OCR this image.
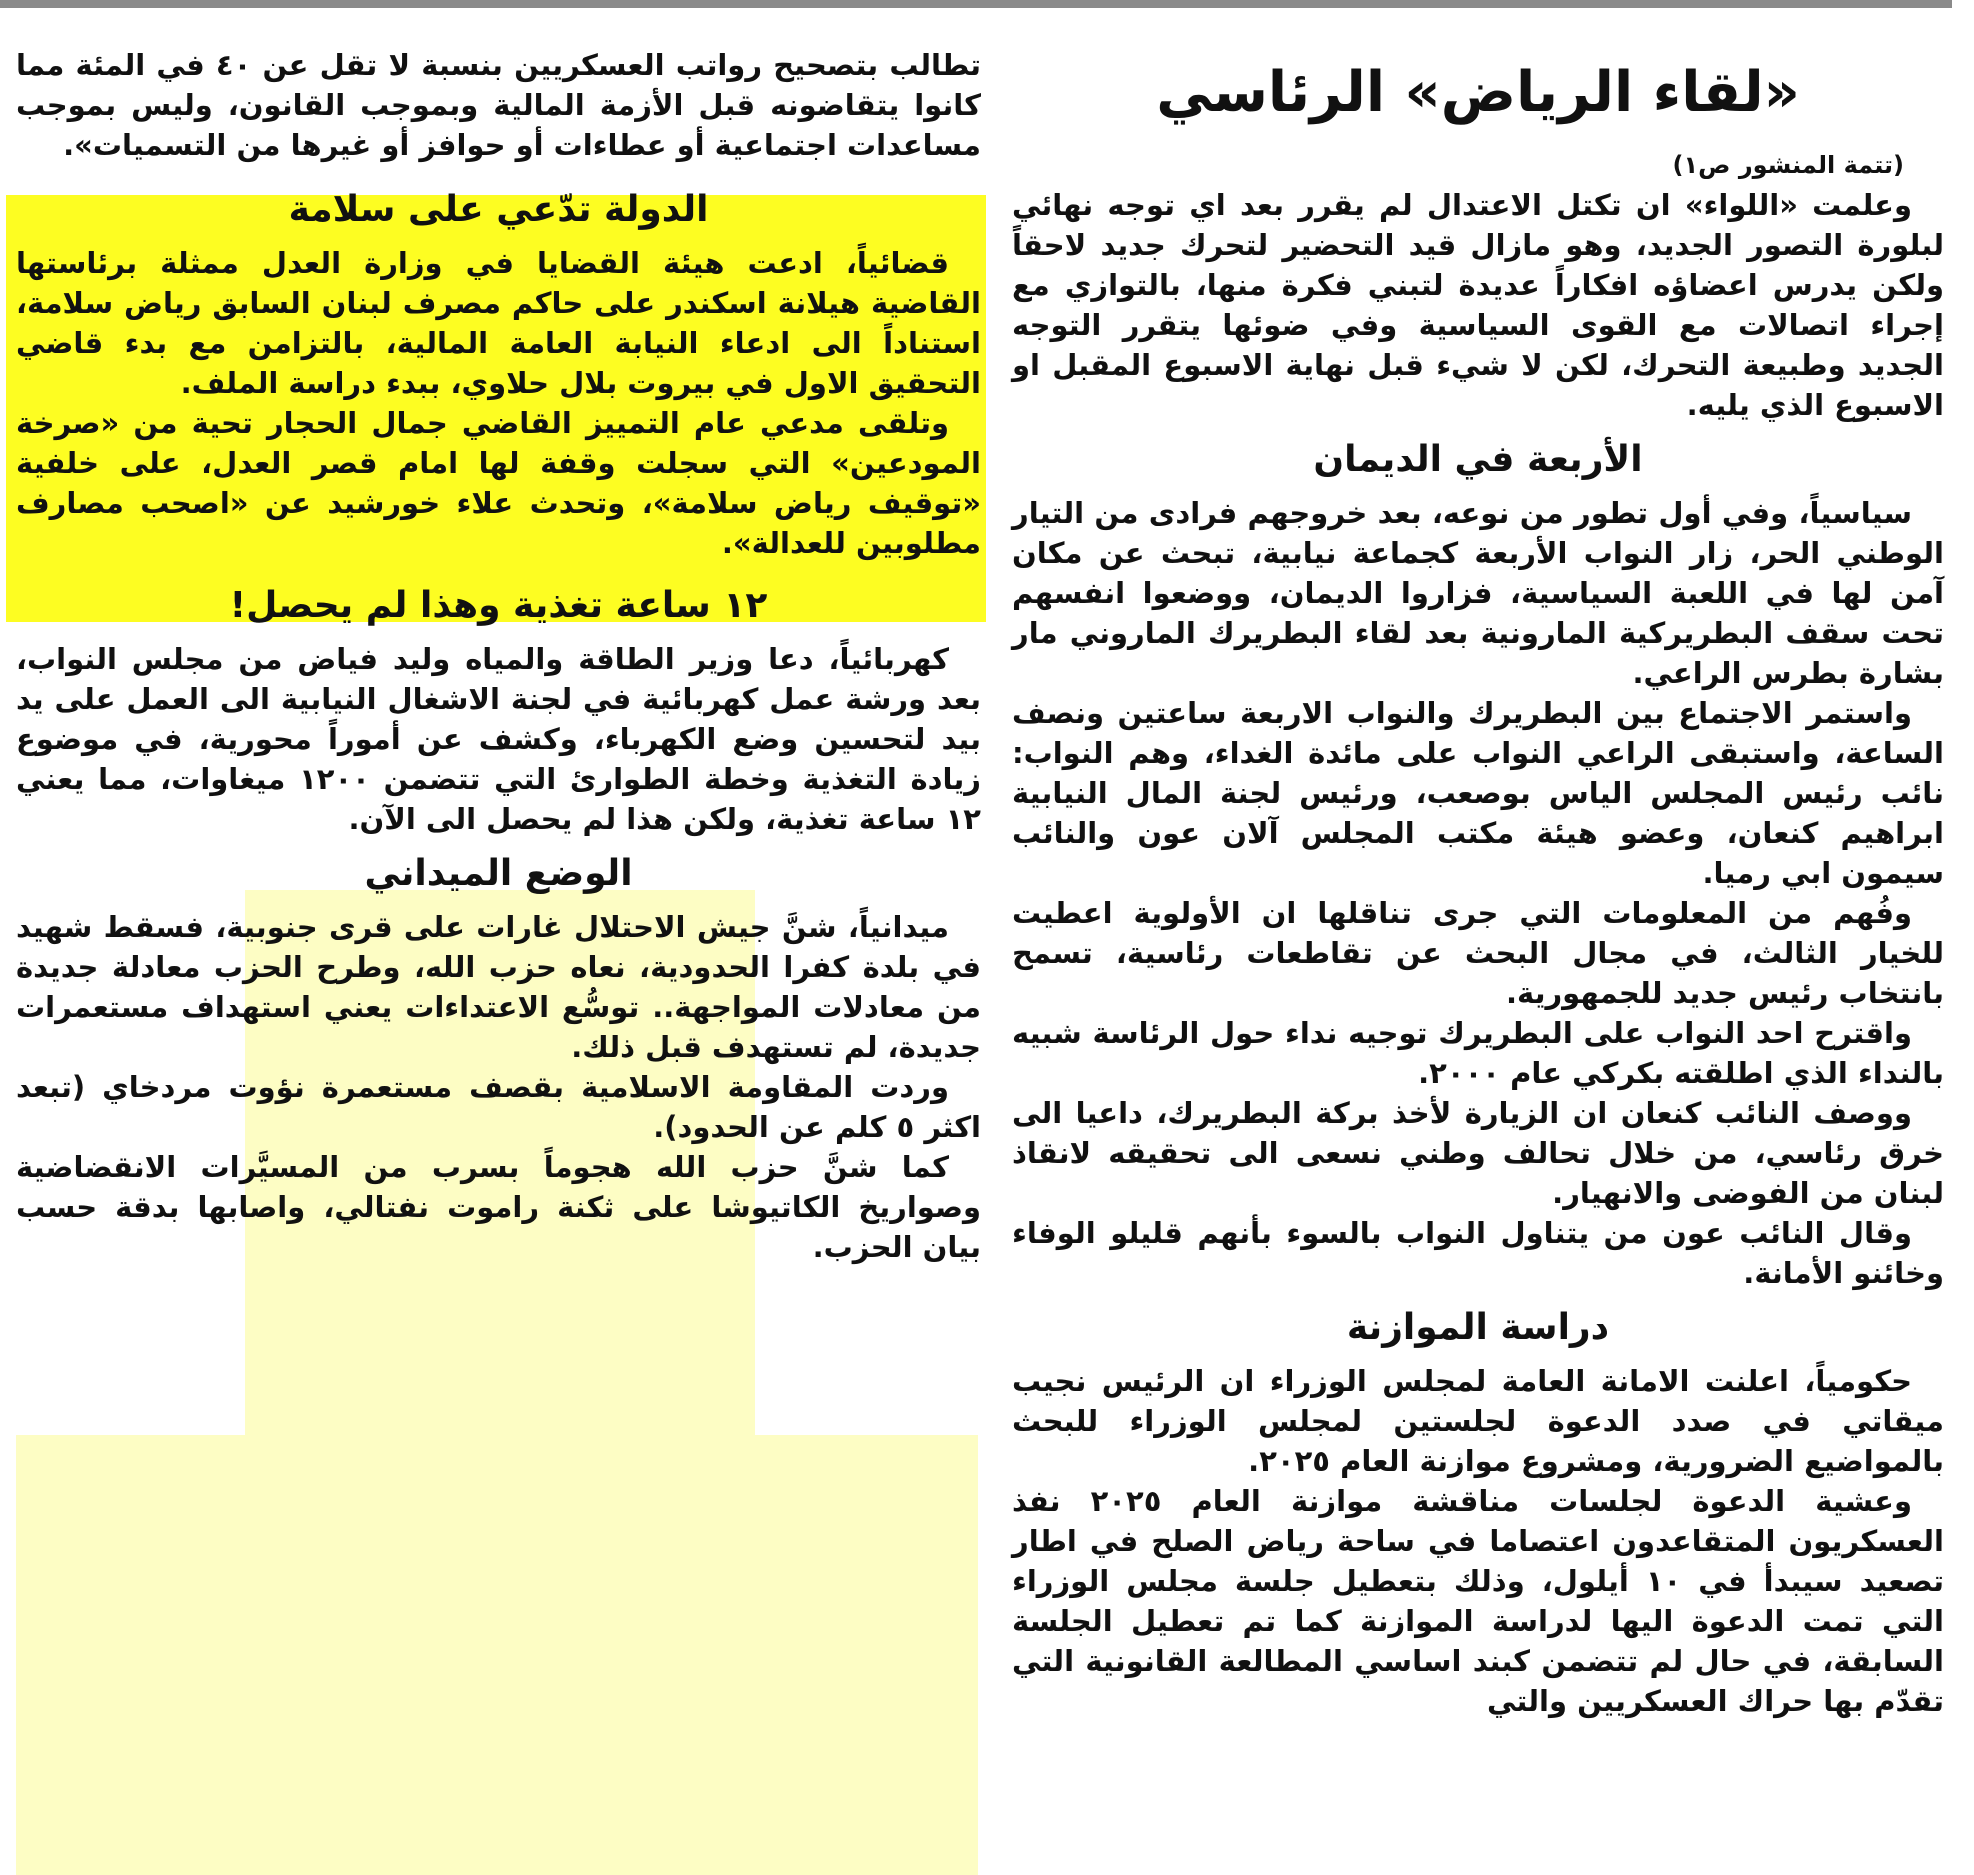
تطالب بتصحيح رواتب العسكريين بنسبة لا تقل عن ٤٠ في المئة مما كانوا يتقاضونه قبل الأزمة المالية وبموجب القانون، وليس بموجب مساعدات اجتماعية أو عطاءات أو حوافز أو غيرها من التسميات».

الدولة تدّعي على سلامة

قضائياً، ادعت هيئة القضايا في وزارة العدل ممثلة برئاستها القاضية هيلانة اسكندر على حاكم مصرف لبنان السابق رياض سلامة، استناداً الى ادعاء النيابة العامة المالية، بالتزامن مع بدء قاضي التحقيق الاول في بيروت بلال حلاوي، ببدء دراسة الملف.

وتلقى مدعي عام التمييز القاضي جمال الحجار تحية من «صرخة المودعين» التي سجلت وقفة لها امام قصر العدل، على خلفية «توقيف رياض سلامة»، وتحدث علاء خورشيد عن «اصحب مصارف مطلوبين للعدالة».

١٢ ساعة تغذية وهذا لم يحصل!

كهربائياً، دعا وزير الطاقة والمياه وليد فياض من مجلس النواب، بعد ورشة عمل كهربائية في لجنة الاشغال النيابية الى العمل على يد بيد لتحسين وضع الكهرباء، وكشف عن أموراً محورية، في موضوع زيادة التغذية وخطة الطوارئ التي تتضمن ١٢٠٠ ميغاوات، مما يعني ١٢ ساعة تغذية، ولكن هذا لم يحصل الى الآن.

الوضع الميداني

ميدانياً، شنَّ جيش الاحتلال غارات على قرى جنوبية، فسقط شهيد في بلدة كفرا الحدودية، نعاه حزب الله، وطرح الحزب معادلة جديدة من معادلات المواجهة.. توسُّع الاعتداءات يعني استهداف مستعمرات جديدة، لم تستهدف قبل ذلك.

وردت المقاومة الاسلامية بقصف مستعمرة نؤوت مردخاي (تبعد اكثر ٥ كلم عن الحدود).

كما شنَّ حزب الله هجوماً بسرب من المسيَّرات الانقضاضية وصواريخ الكاتيوشا على ثكنة راموت نفتالي، واصابها بدقة حسب بيان الحزب.

«لقاء الرياض» الرئاسي
(تتمة المنشور ص١)

وعلمت «اللواء» ان تكتل الاعتدال لم يقرر بعد اي توجه نهائي لبلورة التصور الجديد، وهو مازال قيد التحضير لتحرك جديد لاحقاً ولكن يدرس اعضاؤه افكاراً عديدة لتبني فكرة منها، بالتوازي مع إجراء اتصالات مع القوى السياسية وفي ضوئها يتقرر التوجه الجديد وطبيعة التحرك، لكن لا شيء قبل نهاية الاسبوع المقبل او الاسبوع الذي يليه.

الأربعة في الديمان

سياسياً، وفي أول تطور من نوعه، بعد خروجهم فرادى من التيار الوطني الحر، زار النواب الأربعة كجماعة نيابية، تبحث عن مكان آمن لها في اللعبة السياسية، فزاروا الديمان، ووضعوا انفسهم تحت سقف البطريركية المارونية بعد لقاء البطريرك الماروني مار بشارة بطرس الراعي.

واستمر الاجتماع بين البطريرك والنواب الاربعة ساعتين ونصف الساعة، واستبقى الراعي النواب على مائدة الغداء، وهم النواب: نائب رئيس المجلس الياس بوصعب، ورئيس لجنة المال النيابية ابراهيم كنعان، وعضو هيئة مكتب المجلس آلان عون والنائب سيمون ابي رميا.

وفُهم من المعلومات التي جرى تناقلها ان الأولوية اعطيت للخيار الثالث، في مجال البحث عن تقاطعات رئاسية، تسمح بانتخاب رئيس جديد للجمهورية.

واقترح احد النواب على البطريرك توجيه نداء حول الرئاسة شبيه بالنداء الذي اطلقته بكركي عام ٢٠٠٠.

ووصف النائب كنعان ان الزيارة لأخذ بركة البطريرك، داعيا الى خرق رئاسي، من خلال تحالف وطني نسعى الى تحقيقه لانقاذ لبنان من الفوضى والانهيار.

وقال النائب عون من يتناول النواب بالسوء بأنهم قليلو الوفاء وخائنو الأمانة.

دراسة الموازنة

حكومياً، اعلنت الامانة العامة لمجلس الوزراء ان الرئيس نجيب ميقاتي في صدد الدعوة لجلستين لمجلس الوزراء للبحث بالمواضيع الضرورية، ومشروع موازنة العام ٢٠٢٥.

وعشية الدعوة لجلسات مناقشة موازنة العام ٢٠٢٥ نفذ العسكريون المتقاعدون اعتصاما في ساحة رياض الصلح في اطار تصعيد سيبدأ في ١٠ أيلول، وذلك بتعطيل جلسة مجلس الوزراء التي تمت الدعوة اليها لدراسة الموازنة كما تم تعطيل الجلسة السابقة، في حال لم تتضمن كبند اساسي المطالعة القانونية التي تقدّم بها حراك العسكريين والتي
